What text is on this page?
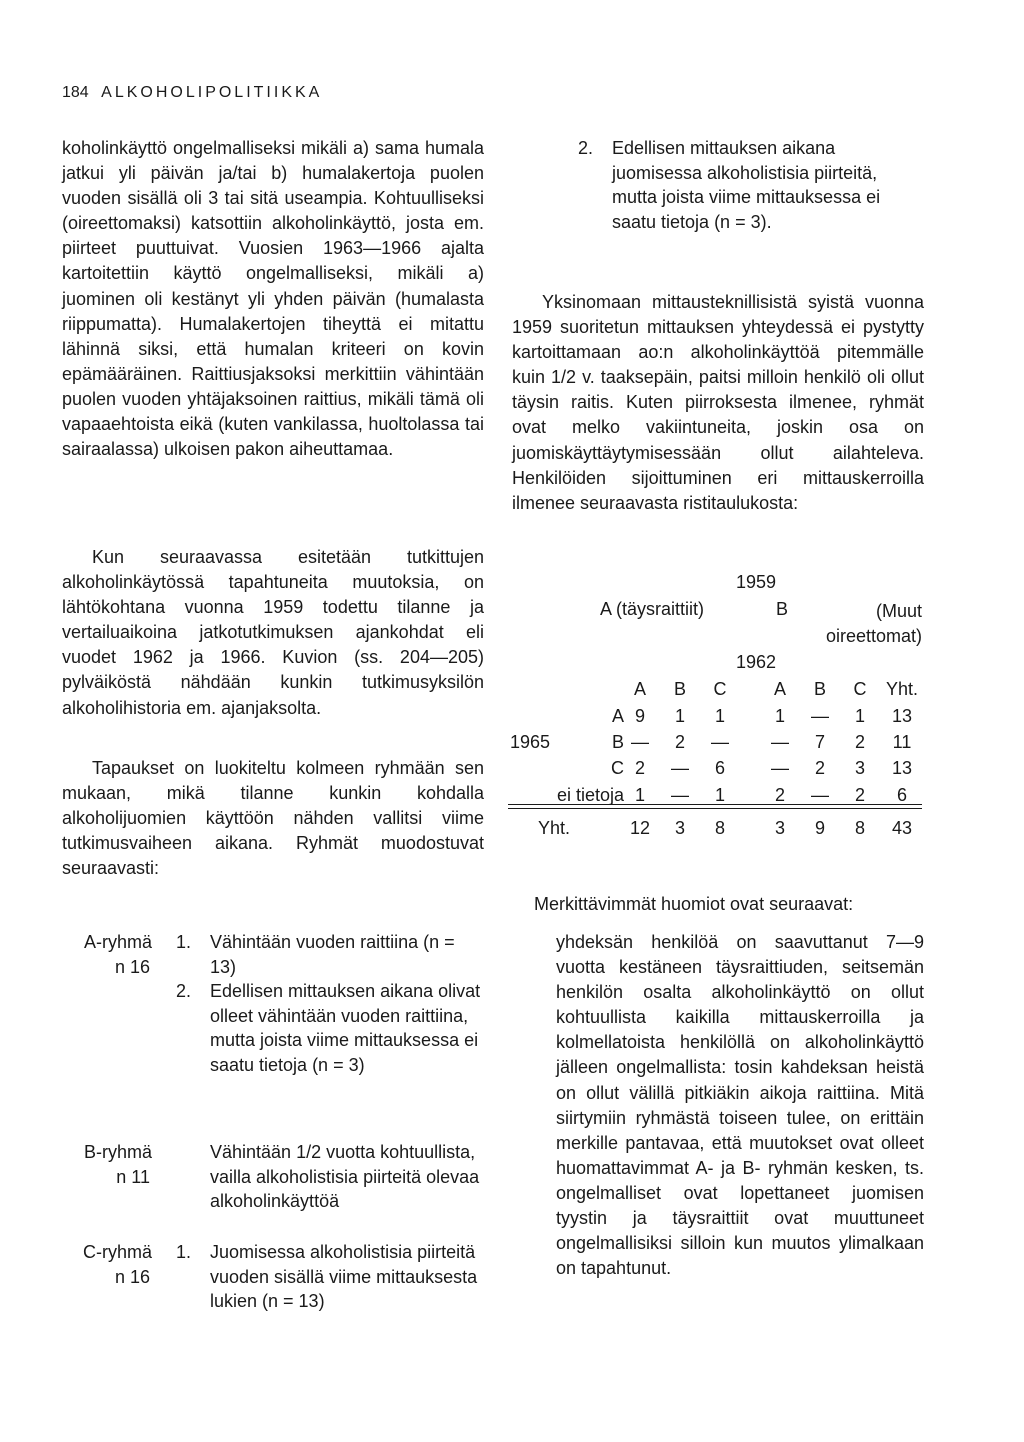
184 ALKOHOLIPOLITIIKKA

koholinkäyttö ongelmalliseksi mikäli a) sama humala jatkui yli päivän ja/tai b) humalakertoja puolen vuoden sisällä oli 3 tai sitä useampia. Kohtuulliseksi (oireettomaksi) katsottiin alkoholinkäyttö, josta em. piirteet puuttuivat. Vuosien 1963—1966 ajalta kartoitettiin käyttö ongelmalliseksi, mikäli a) juominen oli kestänyt yli yhden päivän (humalasta riippumatta). Humalakertojen tiheyttä ei mitattu lähinnä siksi, että humalan kriteeri on kovin epämääräinen. Raittiusjaksoksi merkittiin vähintään puolen vuoden yhtäjaksoinen raittius, mikäli tämä oli vapaaehtoista eikä (kuten vankilassa, huoltolassa tai sairaalassa) ulkoisen pakon aiheuttamaa.

Kun seuraavassa esitetään tutkittujen alkoholinkäytössä tapahtuneita muutoksia, on lähtökohtana vuonna 1959 todettu tilanne ja vertailuaikoina jatkotutkimuksen ajankohdat eli vuodet 1962 ja 1966. Kuvion (ss. 204—205) pylväiköstä nähdään kunkin tutkimusyksilön alkoholihistoria em. ajanjaksolta.

Tapaukset on luokiteltu kolmeen ryhmään sen mukaan, mikä tilanne kunkin kohdalla alkoholijuomien käyttöön nähden vallitsi viime tutkimusvaiheen aikana. Ryhmät muodostuvat seuraavasti:

A-ryhmä
n 16
1. Vähintään vuoden raittiina (n = 13)
2. Edellisen mittauksen aikana olivat olleet vähintään vuoden raittiina, mutta joista viime mittauksessa ei saatu tietoja (n = 3)
B-ryhmä
n 11
Vähintään 1/2 vuotta kohtuullista, vailla alkoholistisia piirteitä olevaa alkoholinkäyttöä
C-ryhmä
n 16
1. Juomisessa alkoholistisia piirteitä vuoden sisällä viime mittauksesta lukien (n = 13)
2. Edellisen mittauksen aikana juomisessa alkoholistisia piirteitä, mutta joista viime mittauksessa ei saatu tietoja (n = 3).

Yksinomaan mittausteknillisistä syistä vuonna 1959 suoritetun mittauksen yhteydessä ei pystytty kartoittamaan ao:n alkoholinkäyttöä pitemmälle kuin 1/2 v. taaksepäin, paitsi milloin henkilö oli ollut täysin raitis. Kuten piirroksesta ilmenee, ryhmät ovat melko vakiintuneita, joskin osa on juomiskäyttäytymisessään ollut ailahteleva. Henkilöiden sijoittuminen eri mittauskerroilla ilmenee seuraavasta ristitaulukosta:

1959
A (täysraittiit)	B	(Muut oireettomat)
1962
1965
A	B	C	A	B	C	Yht.
A 9	1	1	1	—	1	13
B —	2	—	—	7	2	11
C 2	—	6	—	2	3	13
ei tietoja 1	—	1	2	—	2	6
Yht.	12	3	8	3	9	8	43
Merkittävimmät huomiot ovat seuraavat:

yhdeksän henkilöä on saavuttanut 7—9 vuotta kestäneen täysraittiuden, seitsemän henkilön osalta alkoholinkäyttö on ollut kohtuullista kaikilla mittauskerroilla ja kolmellatoista henkilöllä on alkoholinkäyttö jälleen ongelmallista: tosin kahdeksan heistä on ollut välillä pitkiäkin aikoja raittiina. Mitä siirtymiin ryhmästä toiseen tulee, on erittäin merkille pantavaa, että muutokset ovat olleet huomattavimmat A- ja B- ryhmän kesken, ts. ongelmalliset ovat lopettaneet juomisen tyystin ja täysraittiit ovat muuttuneet ongelmallisiksi silloin kun muutos ylimalkaan on tapahtunut.
